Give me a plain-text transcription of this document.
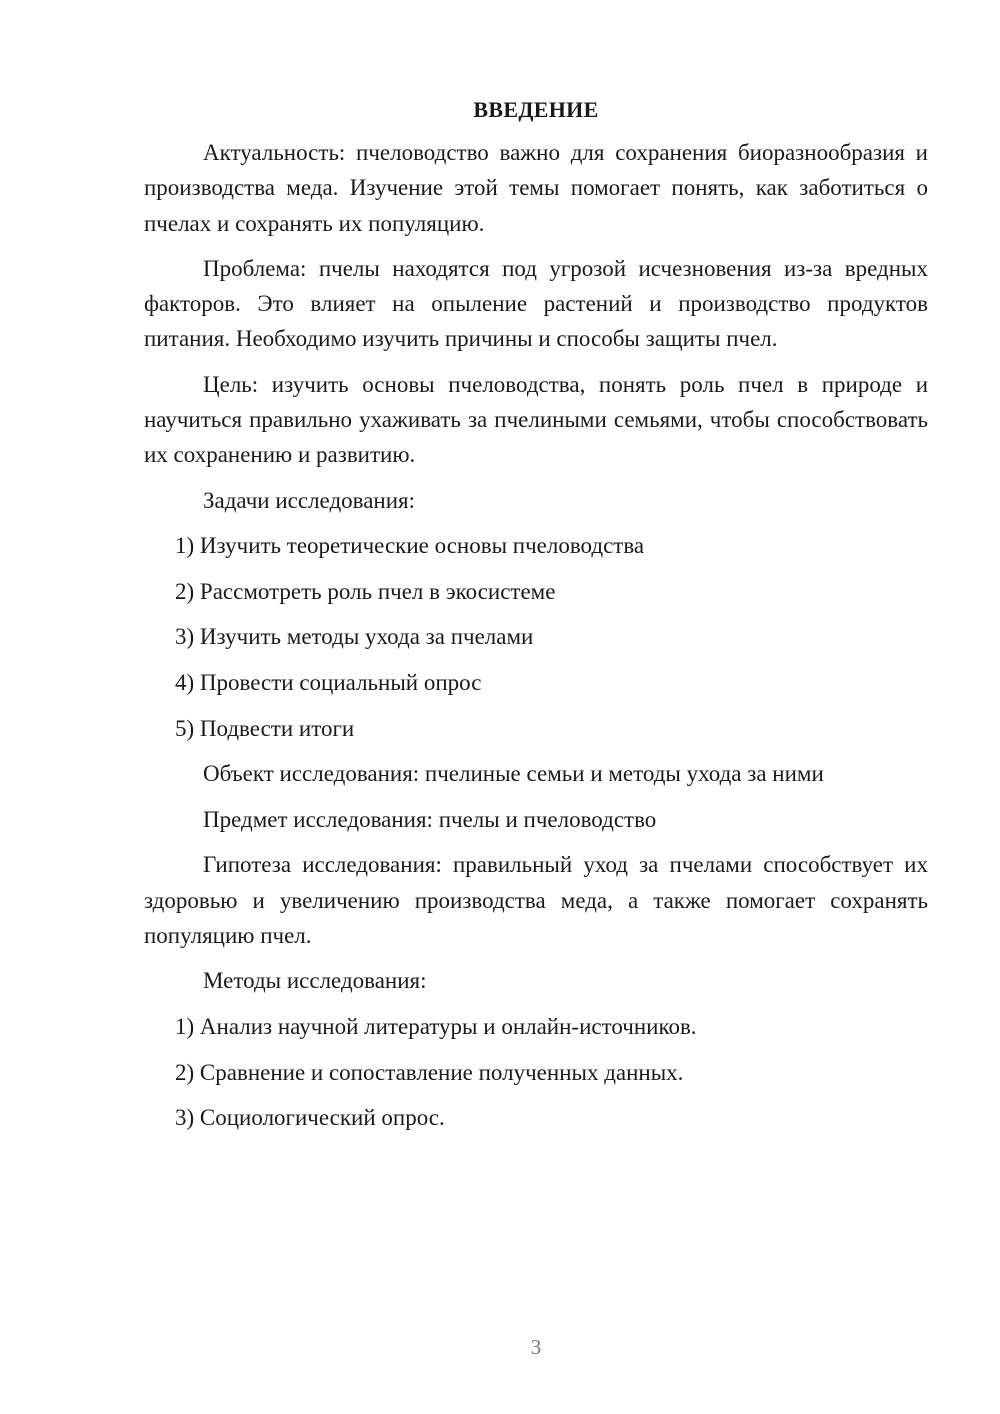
ВВЕДЕНИЕ

Актуальность: пчеловодство важно для сохранения биоразнообразия и производства меда. Изучение этой темы помогает понять, как заботиться о пчелах и сохранять их популяцию.

Проблема: пчелы находятся под угрозой исчезновения из-за вредных факторов. Это влияет на опыление растений и производство продуктов питания. Необходимо изучить причины и способы защиты пчел.

Цель: изучить основы пчеловодства, понять роль пчел в природе и научиться правильно ухаживать за пчелиными семьями, чтобы способствовать их сохранению и развитию.

Задачи исследования:

1) Изучить теоретические основы пчеловодства
2) Рассмотреть роль пчел в экосистеме
3) Изучить методы ухода за пчелами
4) Провести социальный опрос
5) Подвести итоги

Объект исследования: пчелиные семьи и методы ухода за ними

Предмет исследования: пчелы и пчеловодство

Гипотеза исследования: правильный уход за пчелами способствует их здоровью и увеличению производства меда, а также помогает сохранять популяцию пчел.

Методы исследования:

1) Анализ научной литературы и онлайн-источников.
2) Сравнение и сопоставление полученных данных.
3) Социологический опрос.
3
